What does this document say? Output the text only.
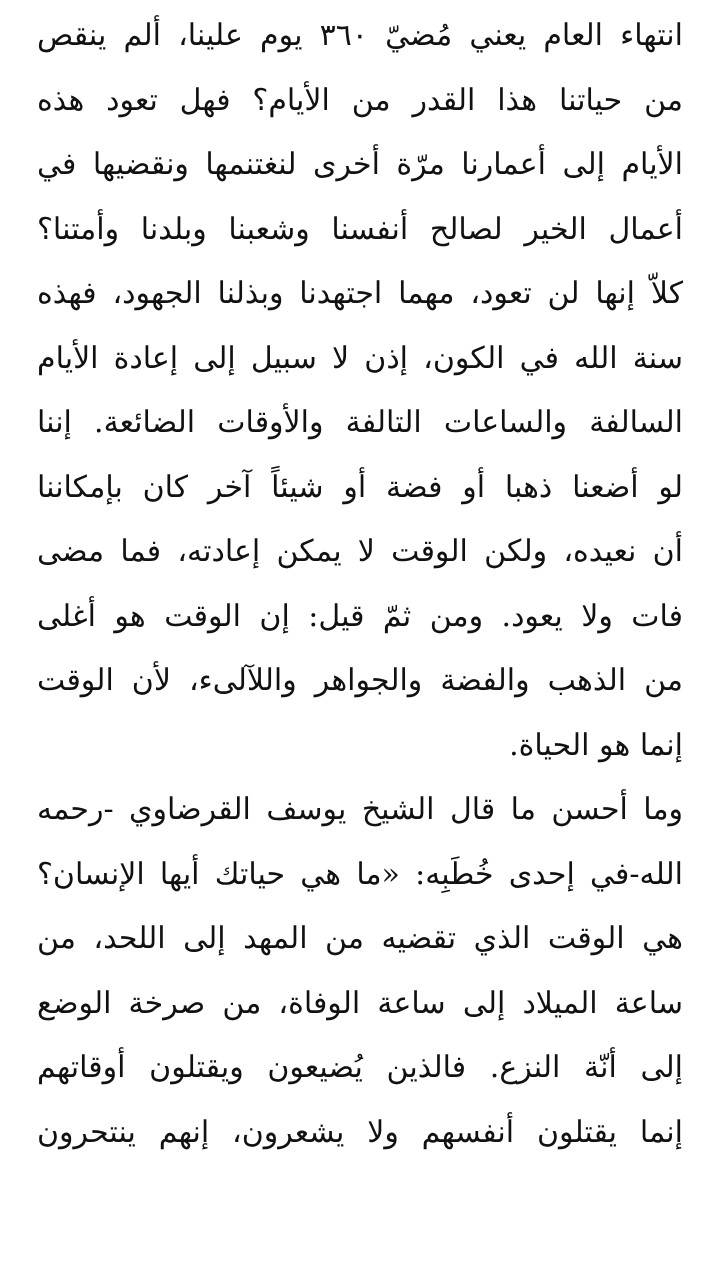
انتهاء العام يعني مُضيّ ٣٦٠ يوم علينا، ألم ينقص
من حياتنا هذا القدر من الأيام؟ فهل تعود هذه
الأيام إلى أعمارنا مرّة أخرى لنغتنمها ونقضيها في
أعمال الخير لصالح أنفسنا وشعبنا وبلدنا وأمتنا؟
كلاّ إنها لن تعود، مهما اجتهدنا وبذلنا الجهود، فهذه
سنة الله في الكون، إذن لا سبيل إلى إعادة الأيام
السالفة والساعات التالفة والأوقات الضائعة. إننا
لو أضعنا ذهبا أو فضة أو شيئاً آخر كان بإمكاننا
أن نعيده، ولكن الوقت لا يمكن إعادته، فما مضى
فات ولا يعود. ومن ثمّ قيل: إن الوقت هو أغلى
من الذهب والفضة والجواهر واللآلىء، لأن الوقت
إنما هو الحياة.
وما أحسن ما قال الشيخ يوسف القرضاوي -رحمه
الله-في إحدى خُطَبِه: «ما هي حياتك أيها الإنسان؟
هي الوقت الذي تقضيه من المهد إلى اللحد، من
ساعة الميلاد إلى ساعة الوفاة، من صرخة الوضع
إلى أنّة النزع. فالذين يُضيعون ويقتلون أوقاتهم
إنما يقتلون أنفسهم ولا يشعرون، إنهم ينتحرون
